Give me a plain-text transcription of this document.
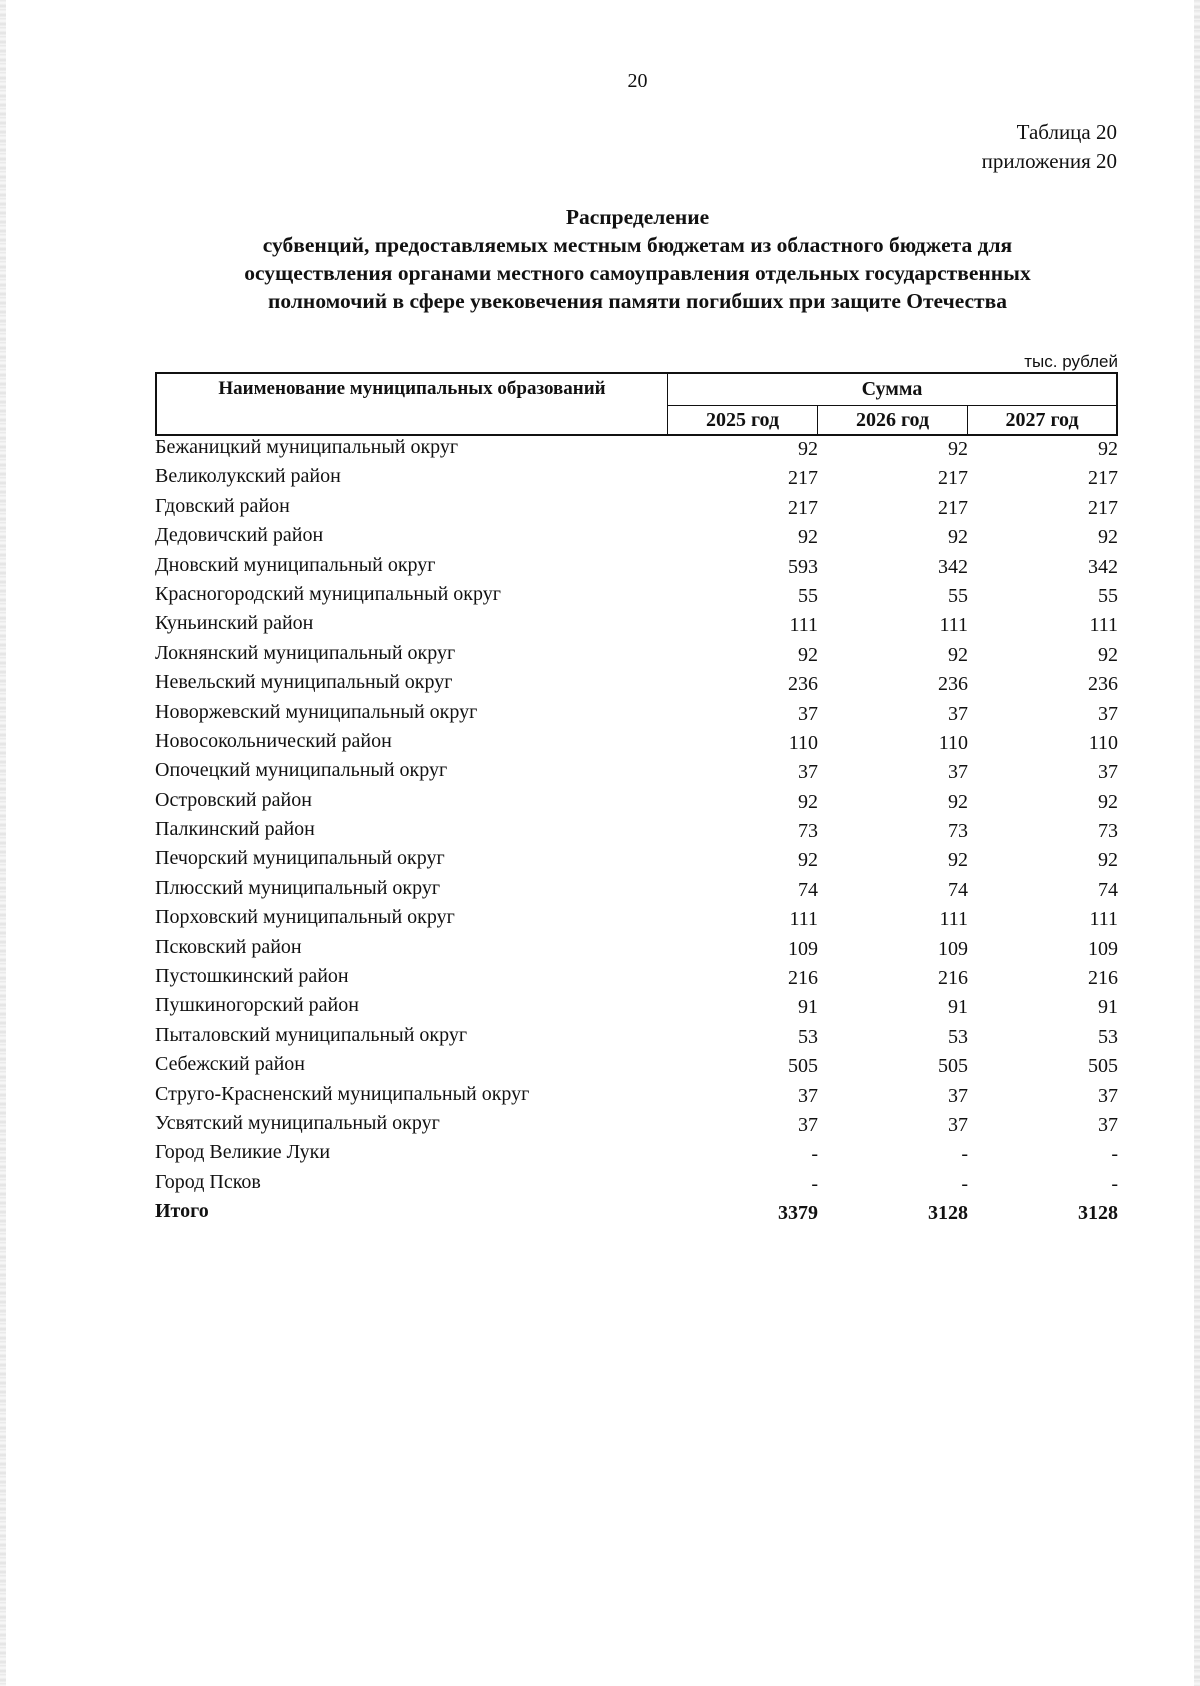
20
Таблица 20
приложения 20
Распределение
субвенций, предоставляемых местным бюджетам из областного бюджета для
осуществления органами местного самоуправления отдельных государственных
полномочий в сфере увековечения памяти погибших при защите Отечества
тыс. рублей
Наименование муниципальных образований	Сумма
2025 год	2026 год	2027 год
Бежаницкий муниципальный округ	92	92	92
Великолукский район	217	217	217
Гдовский район	217	217	217
Дедовичский район	92	92	92
Дновский муниципальный округ	593	342	342
Красногородский муниципальный округ	55	55	55
Куньинский район	111	111	111
Локнянский муниципальный округ	92	92	92
Невельский муниципальный округ	236	236	236
Новоржевский муниципальный округ	37	37	37
Новосокольнический район	110	110	110
Опочецкий муниципальный округ	37	37	37
Островский район	92	92	92
Палкинский район	73	73	73
Печорский муниципальный округ	92	92	92
Плюсский муниципальный округ	74	74	74
Порховский муниципальный округ	111	111	111
Псковский район	109	109	109
Пустошкинский район	216	216	216
Пушкиногорский район	91	91	91
Пыталовский муниципальный округ	53	53	53
Себежский район	505	505	505
Струго-Красненский муниципальный округ	37	37	37
Усвятский муниципальный округ	37	37	37
Город Великие Луки	-	-	-
Город Псков	-	-	-
Итого	3379	3128	3128
